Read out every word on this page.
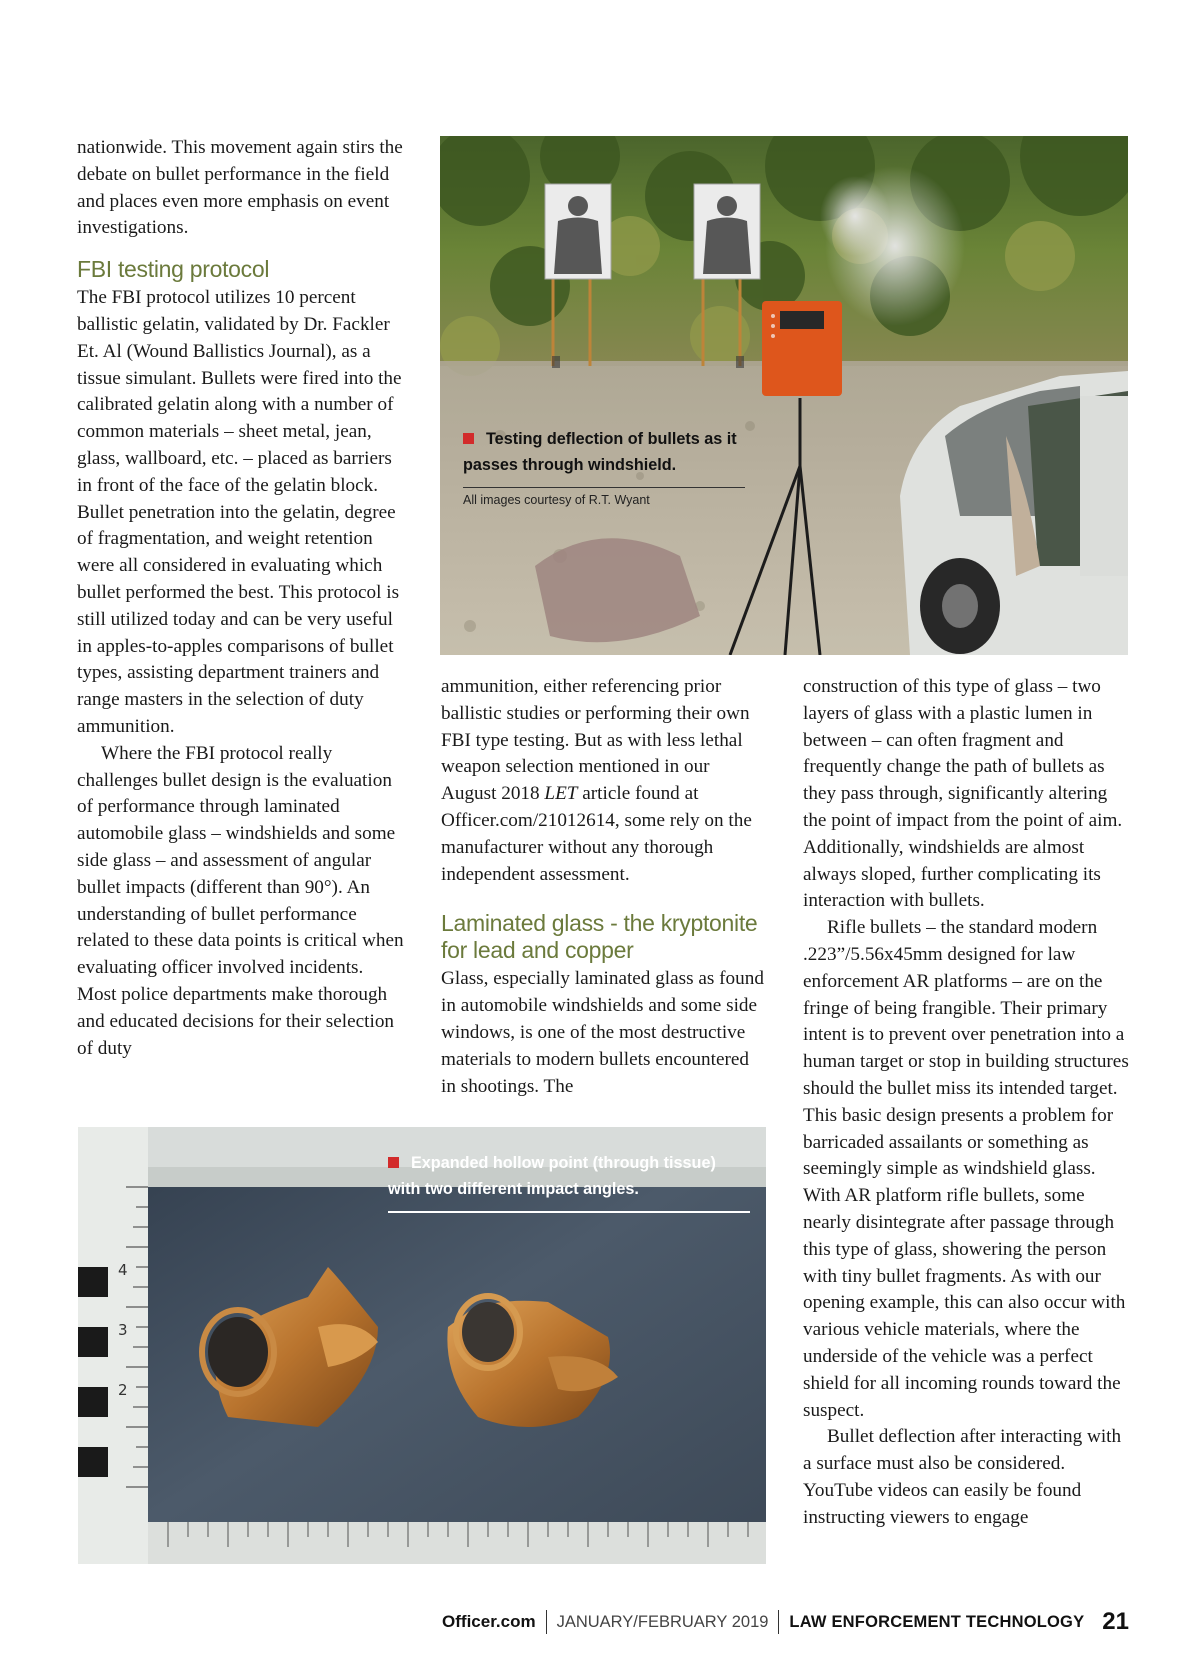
nationwide. This movement again stirs the debate on bullet performance in the field and places even more emphasis on event investigations.

FBI testing protocol

The FBI protocol utilizes 10 percent ballistic gelatin, validated by Dr. Fackler Et. Al (Wound Ballistics Journal), as a tissue simulant. Bullets were fired into the calibrated gelatin along with a number of common materials – sheet metal, jean, glass, wallboard, etc. – placed as barriers in front of the face of the gelatin block. Bullet penetration into the gelatin, degree of fragmentation, and weight retention were all considered in evaluating which bullet performed the best. This protocol is still utilized today and can be very useful in apples-to-apples comparisons of bullet types, assisting department trainers and range masters in the selection of duty ammunition.

Where the FBI protocol really challenges bullet design is the evaluation of performance through laminated automobile glass – windshields and some side glass – and assessment of angular bullet impacts (different than 90°). An understanding of bullet performance related to these data points is critical when evaluating officer involved incidents. Most police departments make thorough and educated decisions for their selection of duty

Testing deflection of bullets as it passes through windshield.
All images courtesy of R.T. Wyant

ammunition, either referencing prior ballistic studies or performing their own FBI type testing. But as with less lethal weapon selection mentioned in our August 2018 LET article found at Officer.com/21012614, some rely on the manufacturer without any thorough independent assessment.

Laminated glass - the kryptonite for lead and copper

Glass, especially laminated glass as found in automobile windshields and some side windows, is one of the most destructive materials to modern bullets encountered in shootings. The

construction of this type of glass – two layers of glass with a plastic lumen in between – can often fragment and frequently change the path of bullets as they pass through, significantly altering the point of impact from the point of aim. Additionally, windshields are almost always sloped, further complicating its interaction with bullets.

Rifle bullets – the standard modern .223”/5.56x45mm designed for law enforcement AR platforms – are on the fringe of being frangible. Their primary intent is to prevent over penetration into a human target or stop in building structures should the bullet miss its intended target. This basic design presents a problem for barricaded assailants or something as seemingly simple as windshield glass. With AR platform rifle bullets, some nearly disintegrate after passage through this type of glass, showering the person with tiny bullet fragments. As with our opening example, this can also occur with various vehicle materials, where the underside of the vehicle was a perfect shield for all incoming rounds toward the suspect.

Bullet deflection after interacting with a surface must also be considered. YouTube videos can easily be found instructing viewers to engage

4
3
2
Expanded hollow point (through tissue) with two different impact angles.
Officer.com JANUARY/FEBRUARY 2019 LAW ENFORCEMENT TECHNOLOGY 21
